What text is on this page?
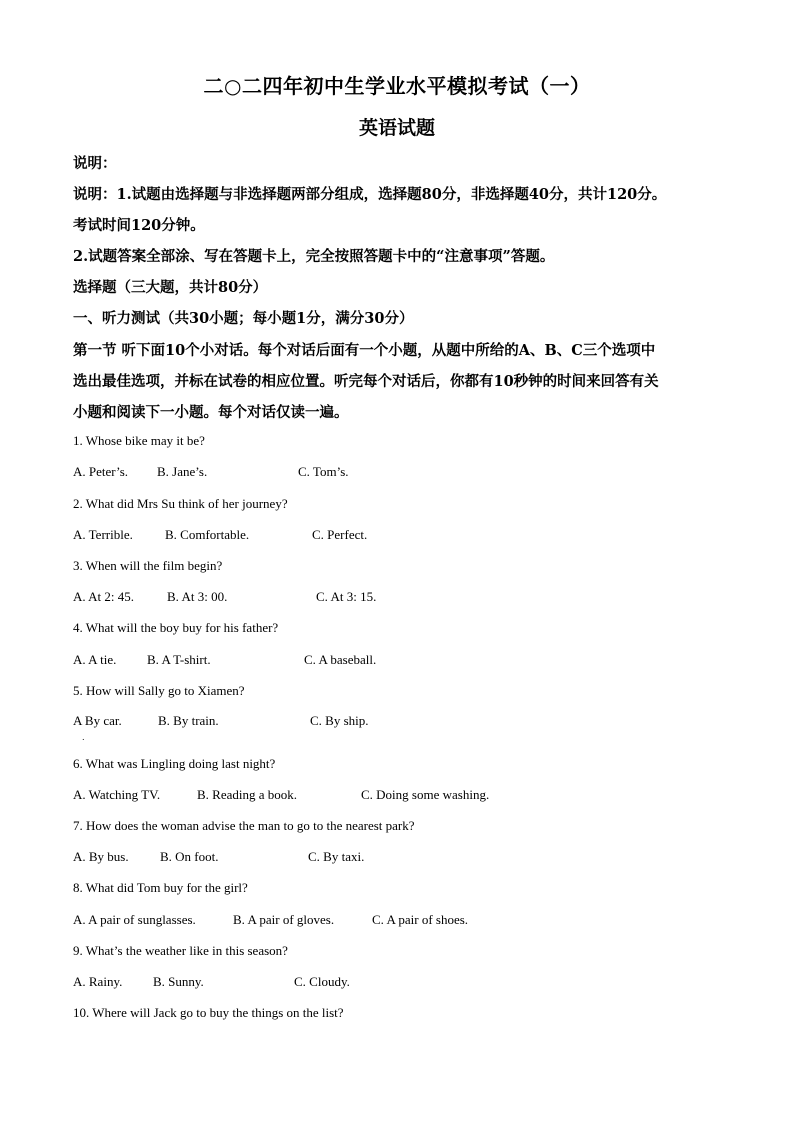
二○二四年初中生学业水平模拟考试（一）
英语试题
说明：
说明：1.试题由选择题与非选择题两部分组成，选择题80分，非选择题40分，共计120分。
考试时间120分钟。
2.试题答案全部涂、写在答题卡上，完全按照答题卡中的“注意事项”答题。
选择题（三大题，共计80分）
一、听力测试（共30小题；每小题1分，满分30分）
第一节 听下面10个小对话。每个对话后面有一个小题，从题中所给的A、B、C三个选项中
选出最佳选项，并标在试卷的相应位置。听完每个对话后，你都有10秒钟的时间来回答有关
小题和阅读下一小题。每个对话仅读一遍。
1. Whose bike may it be?
A. Peter’s. B. Jane’s.	C. Tom’s.
2. What did Mrs Su think of her journey?
A. Terrible. B. Comfortable.	C. Perfect.
3. When will the film begin?
A. At 2: 45.	B. At 3: 00.	C. At 3: 15.
4. What will the boy buy for his father?
A. A tie. B. A T-shirt.	C. A baseball.
5. How will Sally go to Xiamen?
A By car.	B. By train.	C. By ship.
.
6. What was Lingling doing last night?
A. Watching TV.	B. Reading a book.	C. Doing some washing.
7. How does the woman advise the man to go to the nearest park?
A. By bus. B. On foot.	C. By taxi.
8. What did Tom buy for the girl?
A. A pair of sunglasses.	B. A pair of gloves.	C. A pair of shoes.
9. What’s the weather like in this season?
A. Rainy. B. Sunny.	C. Cloudy.
10. Where will Jack go to buy the things on the list?
